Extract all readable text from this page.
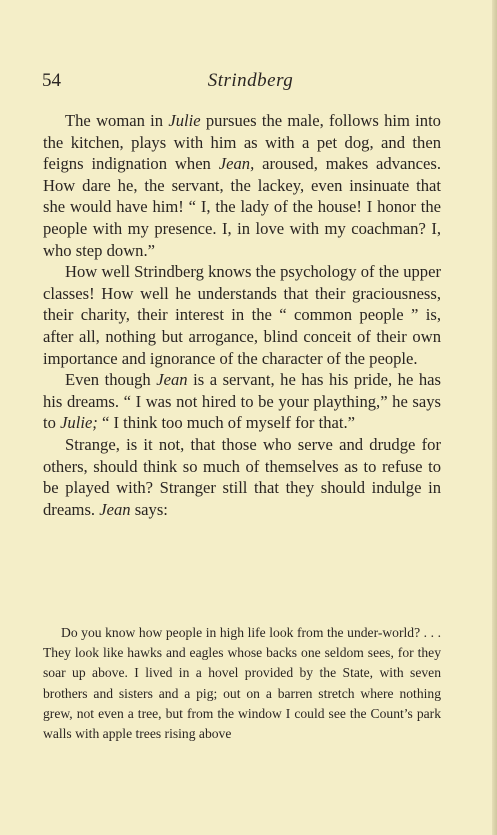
54	Strindberg

The woman in Julie pursues the male, follows him into the kitchen, plays with him as with a pet dog, and then feigns indignation when Jean, aroused, makes advances. How dare he, the servant, the lackey, even insinuate that she would have him! “ I, the lady of the house! I honor the people with my presence. I, in love with my coachman? I, who step down.”

How well Strindberg knows the psychology of the upper classes! How well he understands that their graciousness, their charity, their interest in the “ common people ” is, after all, nothing but arrogance, blind conceit of their own importance and ignorance of the character of the people.

Even though Jean is a servant, he has his pride, he has his dreams. “ I was not hired to be your plaything,” he says to Julie; “ I think too much of myself for that.”

Strange, is it not, that those who serve and drudge for others, should think so much of themselves as to refuse to be played with? Stranger still that they should indulge in dreams. Jean says:

Do you know how people in high life look from the under-world? . . . They look like hawks and eagles whose backs one seldom sees, for they soar up above. I lived in a hovel provided by the State, with seven brothers and sisters and a pig; out on a barren stretch where nothing grew, not even a tree, but from the window I could see the Count’s park walls with apple trees rising above
